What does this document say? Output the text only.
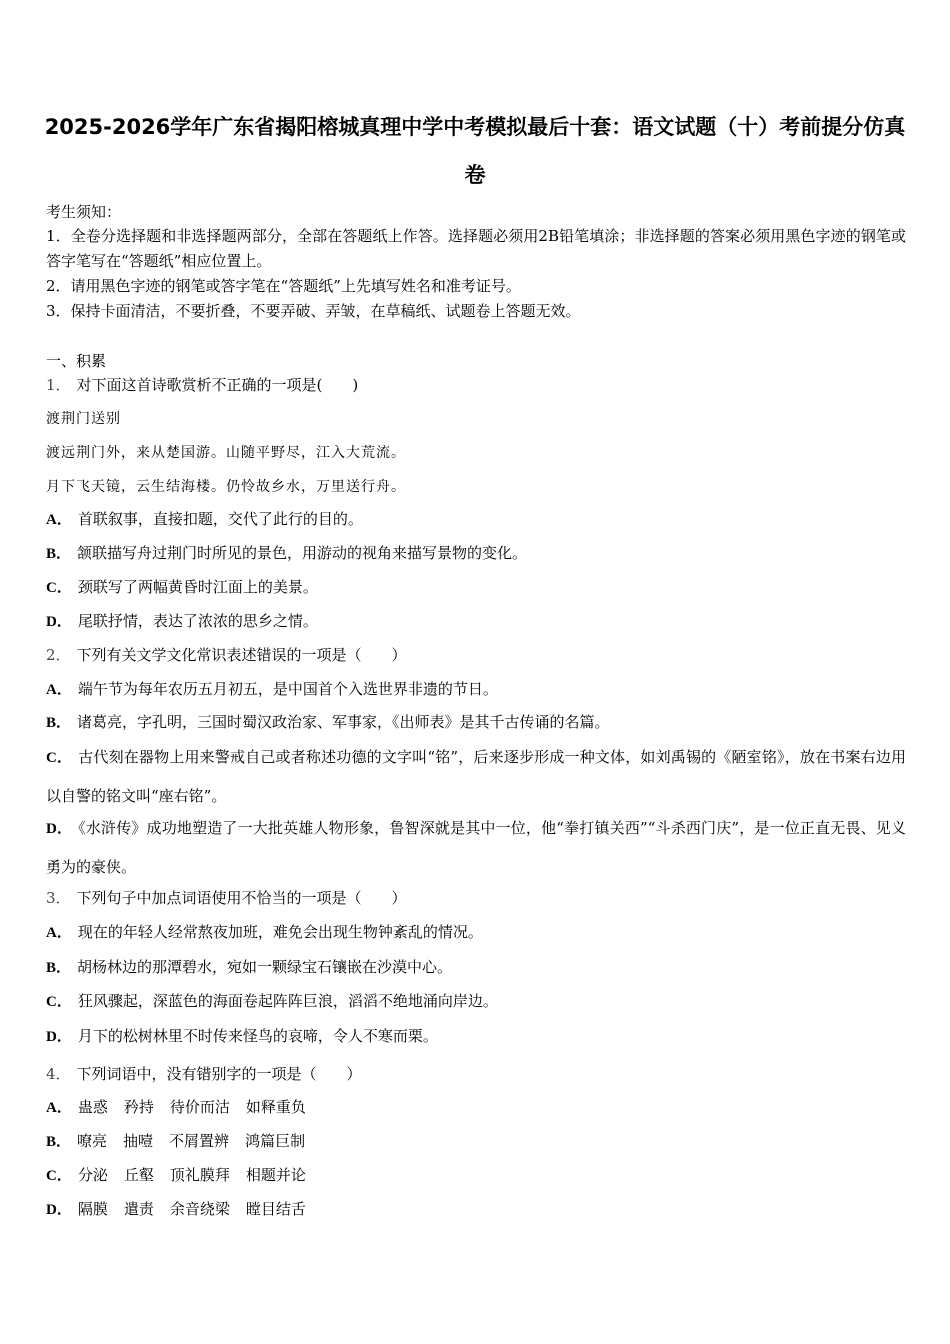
2025-2026学年广东省揭阳榕城真理中学中考模拟最后十套：语文试题（十）考前提分仿真卷
考生须知：
1．全卷分选择题和非选择题两部分，全部在答题纸上作答。选择题必须用2B铅笔填涂；非选择题的答案必须用黑色字迹的钢笔或答字笔写在“答题纸”相应位置上。
2．请用黑色字迹的钢笔或答字笔在“答题纸”上先填写姓名和准考证号。
3．保持卡面清洁，不要折叠，不要弄破、弄皱，在草稿纸、试题卷上答题无效。
一、积累
1． 对下面这首诗歌赏析不正确的一项是(　　)
渡荆门送别
渡远荆门外，来从楚国游。山随平野尽，江入大荒流。
月下飞天镜，云生结海楼。仍怜故乡水，万里送行舟。
A． 首联叙事，直接扣题，交代了此行的目的。
B． 颔联描写舟过荆门时所见的景色，用游动的视角来描写景物的变化。
C． 颈联写了两幅黄昏时江面上的美景。
D． 尾联抒情，表达了浓浓的思乡之情。
2． 下列有关文学文化常识表述错误的一项是（　　）
A． 端午节为每年农历五月初五，是中国首个入选世界非遗的节日。
B． 诸葛亮，字孔明，三国时蜀汉政治家、军事家，《出师表》是其千古传诵的名篇。
C． 古代刻在器物上用来警戒自己或者称述功德的文字叫“铭”，后来逐步形成一种文体，如刘禹锡的《陋室铭》，放在书案右边用以自警的铭文叫“座右铭”。
D． 《水浒传》成功地塑造了一大批英雄人物形象，鲁智深就是其中一位，他“拳打镇关西”“斗杀西门庆”，是一位正直无畏、见义勇为的豪侠。
3． 下列句子中加点词语使用不恰当的一项是（　　）
A． 现在的年轻人经常熬夜加班，难免会出现生物钟紊乱的情况。
B． 胡杨林边的那潭碧水，宛如一颗绿宝石镶嵌在沙漠中心。
C． 狂风骤起，深蓝色的海面卷起阵阵巨浪，滔滔不绝地涌向岸边。
D． 月下的松树林里不时传来怪鸟的哀啼，令人不寒而栗。
4． 下列词语中，没有错别字的一项是（　　）
A． 蛊惑 矜持 待价而沽 如释重负
B． 嘹亮 抽噎 不屑置辨 鸿篇巨制
C． 分泌 丘壑 顶礼膜拜 相题并论
D． 隔膜 遣责 余音绕梁 瞠目结舌
